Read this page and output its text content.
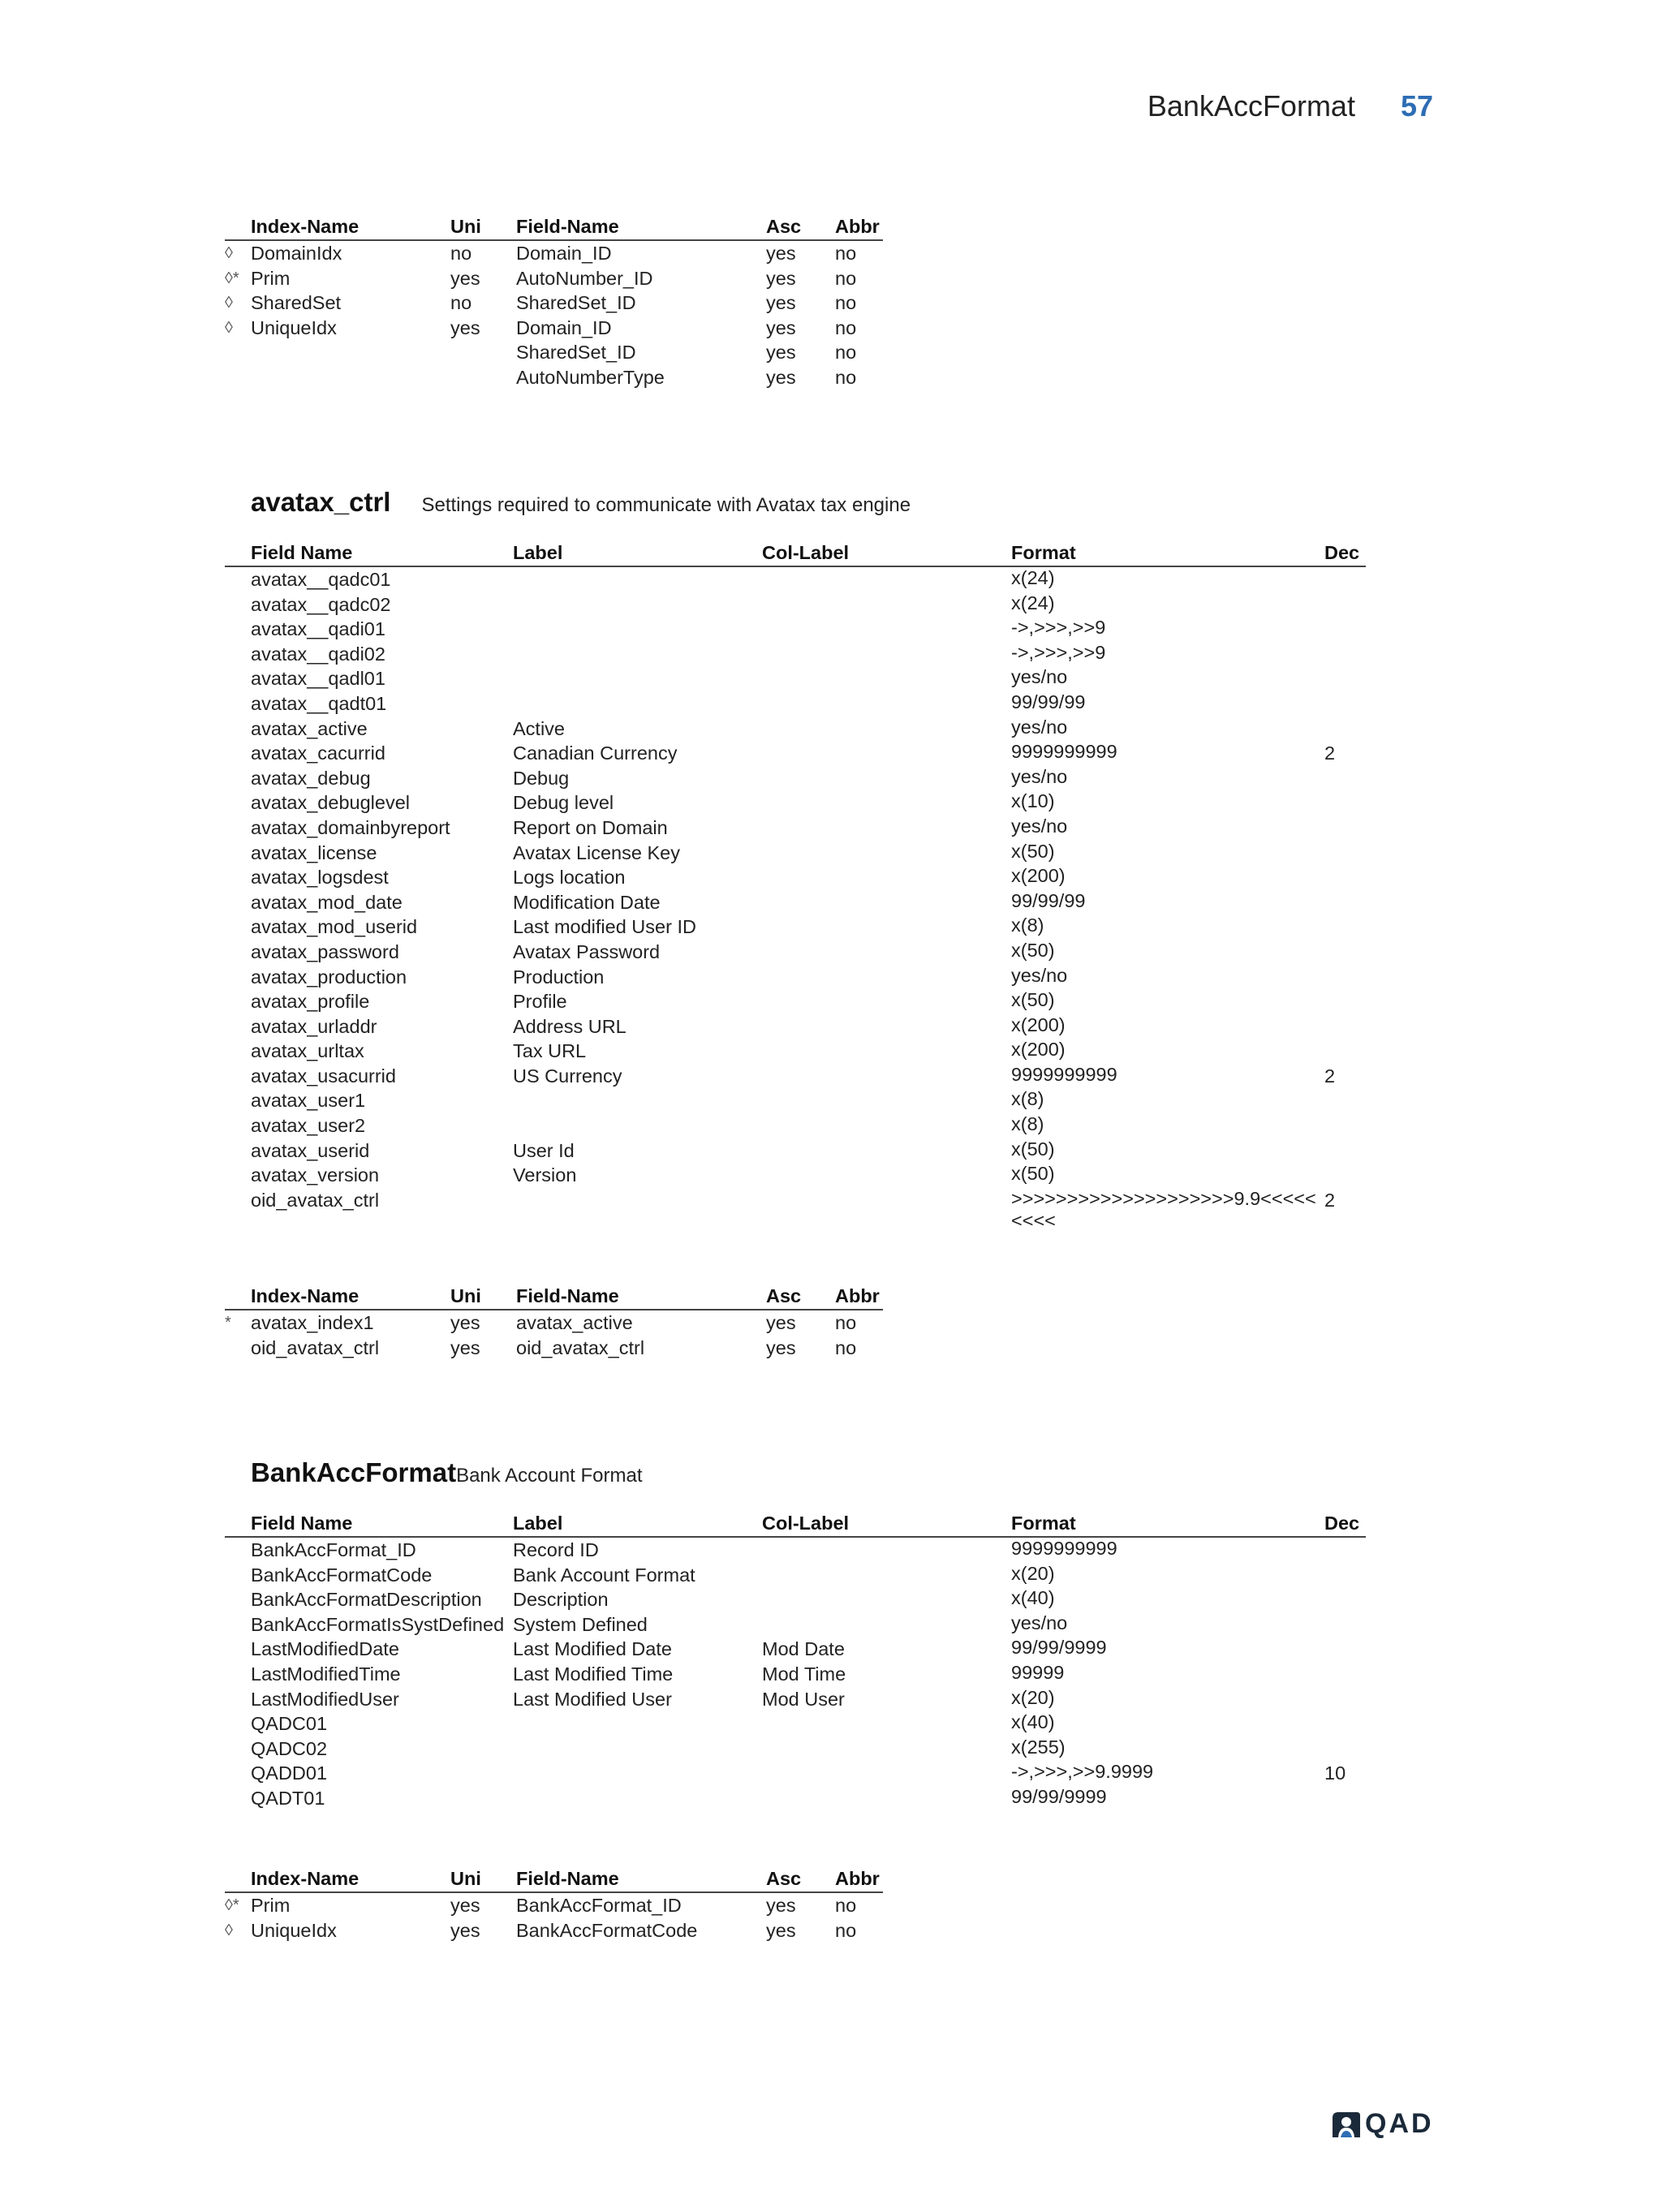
BankAccFormat 57
	Index-Name	Uni	Field-Name	Asc	Abbr
◊	DomainIdx	no	Domain_ID	yes	no
◊*	Prim	yes	AutoNumber_ID	yes	no
◊	SharedSet	no	SharedSet_ID	yes	no
◊	UniqueIdx	yes	Domain_ID	yes	no
			SharedSet_ID	yes	no
			AutoNumberType	yes	no
avatax_ctrl Settings required to communicate with Avatax tax engine
	Field Name	Label	Col-Label	Format	Dec
	avatax__qadc01			x(24)	
	avatax__qadc02			x(24)	
	avatax__qadi01			->,>>>,>>9	
	avatax__qadi02			->,>>>,>>9	
	avatax__qadl01			yes/no	
	avatax__qadt01			99/99/99	
	avatax_active	Active		yes/no	
	avatax_cacurrid	Canadian Currency		9999999999	2
	avatax_debug	Debug		yes/no	
	avatax_debuglevel	Debug level		x(10)	
	avatax_domainbyreport	Report on Domain		yes/no	
	avatax_license	Avatax License Key		x(50)	
	avatax_logsdest	Logs location		x(200)	
	avatax_mod_date	Modification Date		99/99/99	
	avatax_mod_userid	Last modified User ID		x(8)	
	avatax_password	Avatax Password		x(50)	
	avatax_production	Production		yes/no	
	avatax_profile	Profile		x(50)	
	avatax_urladdr	Address URL		x(200)	
	avatax_urltax	Tax URL		x(200)	
	avatax_usacurrid	US Currency		9999999999	2
	avatax_user1			x(8)	
	avatax_user2			x(8)	
	avatax_userid	User Id		x(50)	
	avatax_version	Version		x(50)	
	oid_avatax_ctrl			>>>>>>>>>>>>>>>>>>>>9.9<<<<<<<<<	2
	Index-Name	Uni	Field-Name	Asc	Abbr
*	avatax_index1	yes	avatax_active	yes	no
	oid_avatax_ctrl	yes	oid_avatax_ctrl	yes	no
BankAccFormat Bank Account Format
	Field Name	Label	Col-Label	Format	Dec
	BankAccFormat_ID	Record ID		9999999999	
	BankAccFormatCode	Bank Account Format		x(20)	
	BankAccFormatDescription	Description		x(40)	
	BankAccFormatIsSystDefined	System Defined		yes/no	
	LastModifiedDate	Last Modified Date	Mod Date	99/99/9999	
	LastModifiedTime	Last Modified Time	Mod Time	99999	
	LastModifiedUser	Last Modified User	Mod User	x(20)	
	QADC01			x(40)	
	QADC02			x(255)	
	QADD01			->,>>>,>>9.9999	10
	QADT01			99/99/9999	
	Index-Name	Uni	Field-Name	Asc	Abbr
◊*	Prim	yes	BankAccFormat_ID	yes	no
◊	UniqueIdx	yes	BankAccFormatCode	yes	no
QAD
